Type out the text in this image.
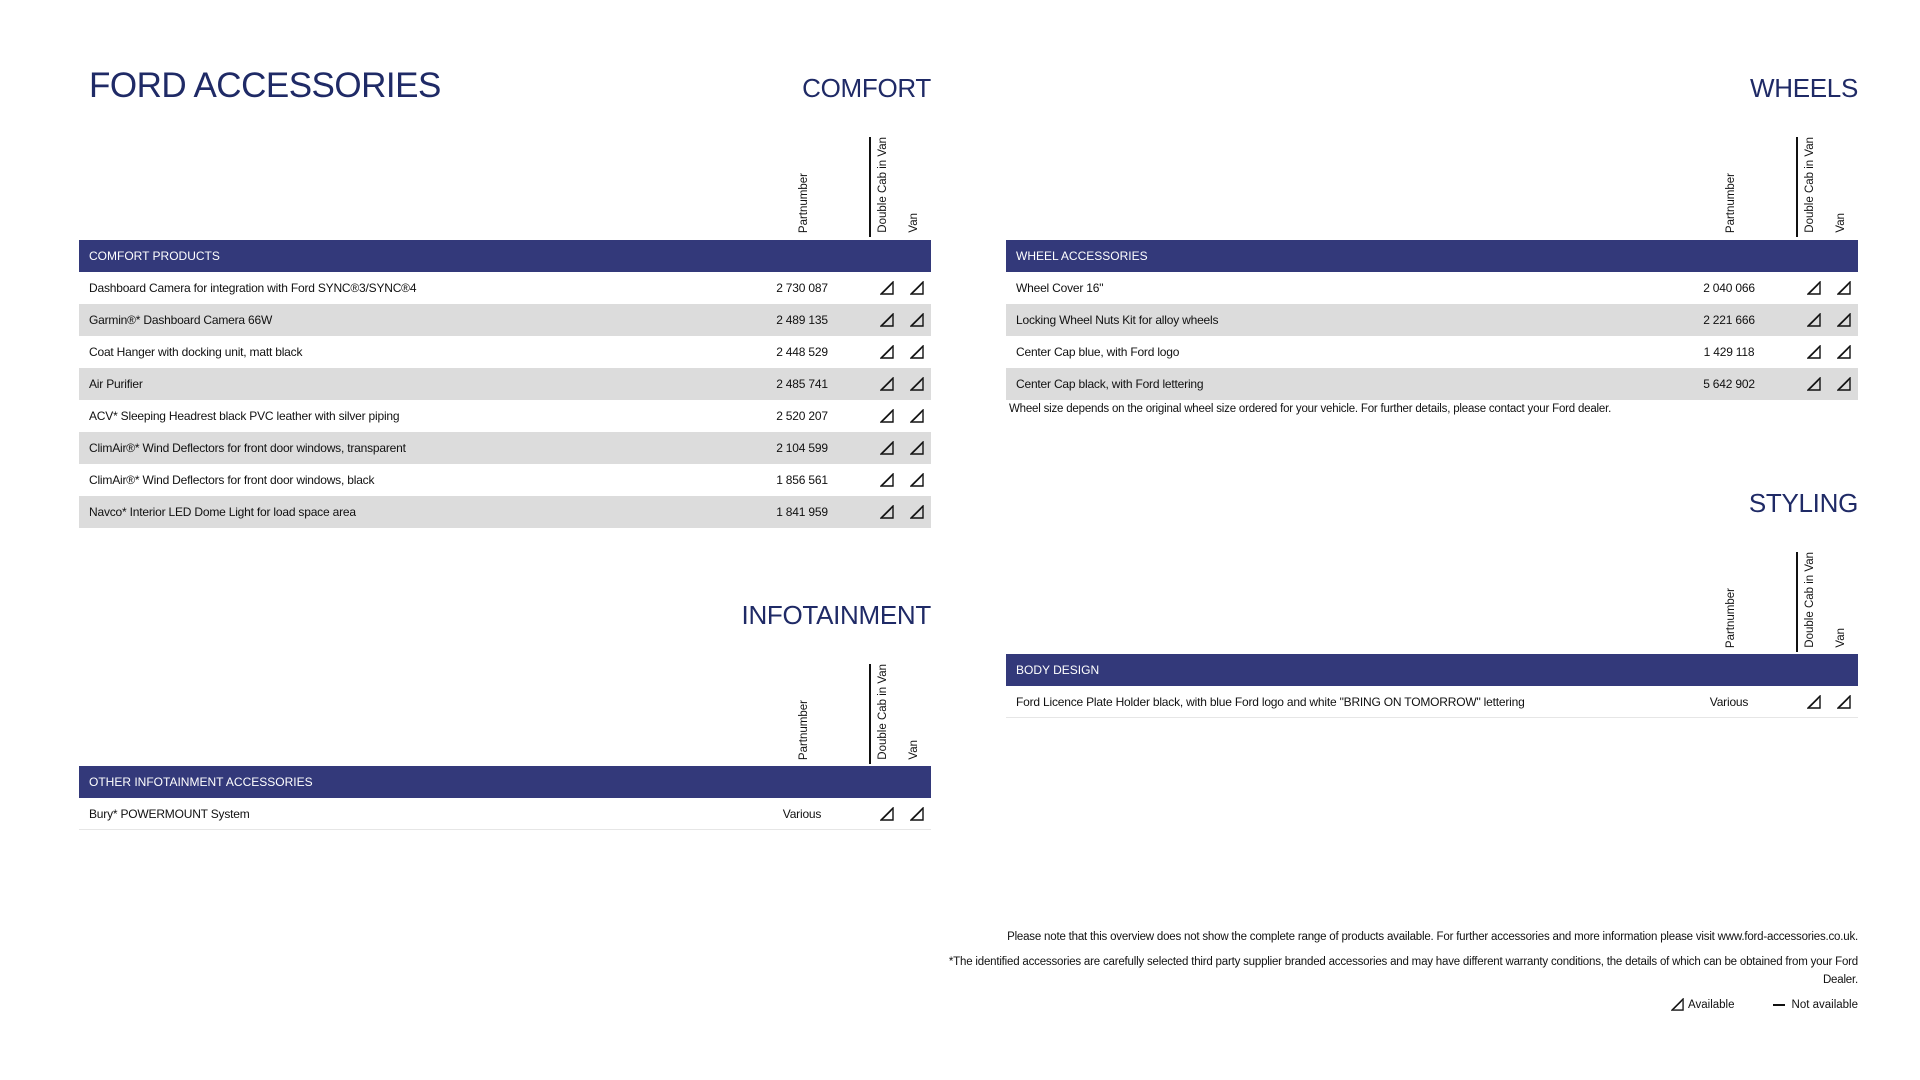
FORD ACCESSORIES	COMFORT
Partnumber	Double Cab in Van Van
COMFORT PRODUCTS
Dashboard Camera for integration with Ford SYNC®3/SYNC®4	2 730 087
Garmin®* Dashboard Camera 66W	2 489 135
Coat Hanger with docking unit, matt black	2 448 529
Air Purifier	2 485 741
ACV* Sleeping Headrest black PVC leather with silver piping	2 520 207
ClimAir®* Wind Deflectors for front door windows, transparent	2 104 599
ClimAir®* Wind Deflectors for front door windows, black	1 856 561
Navco* Interior LED Dome Light for load space area	1 841 959
INFOTAINMENT
Partnumber	Double Cab in Van Van
OTHER INFOTAINMENT ACCESSORIES
Bury* POWERMOUNT System	Various
WHEELS
Partnumber	Double Cab in Van Van
WHEEL ACCESSORIES
Wheel Cover 16"	2 040 066
Locking Wheel Nuts Kit for alloy wheels	2 221 666
Center Cap blue, with Ford logo	1 429 118
Center Cap black, with Ford lettering	5 642 902
Wheel size depends on the original wheel size ordered for your vehicle. For further details, please contact your Ford dealer.
STYLING
Partnumber	Double Cab in Van Van
BODY DESIGN
Ford Licence Plate Holder black, with blue Ford logo and white "BRING ON TOMORROW" lettering	Various
Please note that this overview does not show the complete range of products available. For further accessories and more information please visit www.ford-accessories.co.uk.
*The identified accessories are carefully selected third party supplier branded accessories and may have different warranty conditions, the details of which can be obtained from your Ford
Dealer.
Available	Not available
